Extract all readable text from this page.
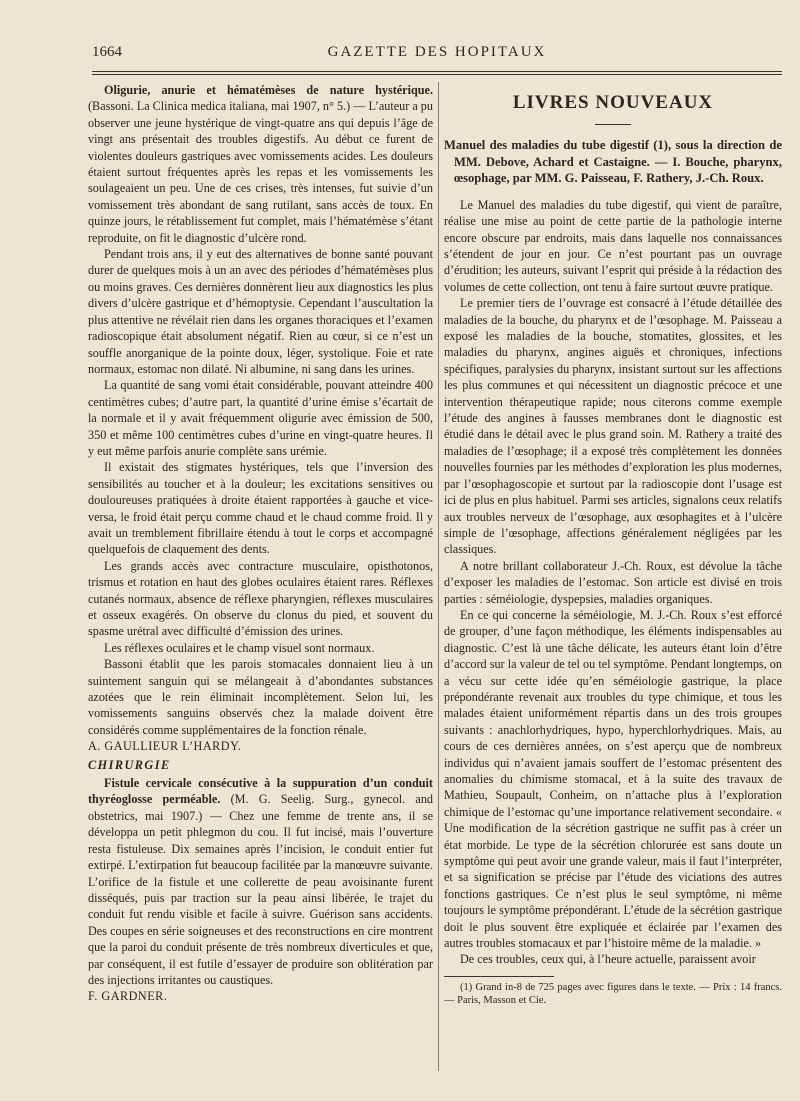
1664	GAZETTE DES HOPITAUX

Oligurie, anurie et hématémèses de nature hystérique. (Bassoni. La Clinica medica italiana, mai 1907, n° 5.) — L’auteur a pu observer une jeune hystérique de vingt-quatre ans qui depuis l’âge de vingt ans présentait des troubles digestifs. Au début ce furent de violentes douleurs gastriques avec vomissements acides. Les douleurs étaient surtout fréquentes après les repas et les vomissements les soulageaient un peu. Une de ces crises, très intenses, fut suivie d’un vomissement très abondant de sang rutilant, sans accès de toux. En quinze jours, le rétablissement fut complet, mais l’hématémèse s’étant reproduite, on fit le diagnostic d’ulcère rond.

Pendant trois ans, il y eut des alternatives de bonne santé pouvant durer de quelques mois à un an avec des périodes d’hématémèses plus ou moins graves. Ces dernières donnèrent lieu aux diagnostics les plus divers d’ulcère gastrique et d’hémoptysie. Cependant l’auscultation la plus attentive ne révélait rien dans les organes thoraciques et l’examen radioscopique était absolument négatif. Rien au cœur, si ce n’est un souffle anorganique de la pointe doux, léger, systolique. Foie et rate normaux, estomac non dilaté. Ni albumine, ni sang dans les urines.

La quantité de sang vomi était considérable, pouvant atteindre 400 centimètres cubes; d’autre part, la quantité d’urine émise s’écartait de la normale et il y avait fréquemment oligurie avec émission de 500, 350 et même 100 centimètres cubes d’urine en vingt-quatre heures. Il y eut même parfois anurie complète sans urémie.

Il existait des stigmates hystériques, tels que l’inversion des sensibilités au toucher et à la douleur; les excitations sensitives ou douloureuses pratiquées à droite étaient rapportées à gauche et vice-versa, le froid était perçu comme chaud et le chaud comme froid. Il y avait un tremblement fibrillaire étendu à tout le corps et accompagné quelquefois de claquement des dents.

Les grands accès avec contracture musculaire, opisthotonos, trismus et rotation en haut des globes oculaires étaient rares. Réflexes cutanés normaux, absence de réflexe pharyngien, réflexes musculaires et osseux exagérés. On observe du clonus du pied, et souvent du spasme urétral avec difficulté d’émission des urines.

Les réflexes oculaires et le champ visuel sont normaux.

Bassoni établit que les parois stomacales donnaient lieu à un suintement sanguin qui se mélangeait à d’abondantes substances azotées que le rein éliminait incomplètement. Selon lui, les vomissements sanguins observés chez la malade doivent être considérés comme supplémentaires de la fonction rénale.

A. GAULLIEUR L’HARDY.

CHIRURGIE

Fistule cervicale consécutive à la suppuration d’un conduit thyréoglosse perméable. (M. G. Seelig. Surg., gynecol. and obstetrics, mai 1907.) — Chez une femme de trente ans, il se développa un petit phlegmon du cou. Il fut incisé, mais l’ouverture resta fistuleuse. Dix semaines après l’incision, le conduit entier fut extirpé. L’extirpation fut beaucoup facilitée par la manœuvre suivante. L’orifice de la fistule et une collerette de peau avoisinante furent disséqués, puis par traction sur la peau ainsi libérée, le trajet du conduit fut rendu visible et facile à suivre. Guérison sans accidents. Des coupes en série soigneuses et des reconstructions en cire montrent que la paroi du conduit présente de très nombreux diverticules et que, par conséquent, il est futile d’essayer de produire son oblitération par des injections irritantes ou caustiques.

F. GARDNER.

LIVRES NOUVEAUX

Manuel des maladies du tube digestif (1), sous la direction de MM. Debove, Achard et Castaigne. — I. Bouche, pharynx, œsophage, par MM. G. Paisseau, F. Rathery, J.-Ch. Roux.

Le Manuel des maladies du tube digestif, qui vient de paraître, réalise une mise au point de cette partie de la pathologie interne encore obscure par endroits, mais dans laquelle nos connaissances s’étendent de jour en jour. Ce n’est pourtant pas un ouvrage d’érudition; les auteurs, suivant l’esprit qui préside à la rédaction des volumes de cette collection, ont tenu à faire surtout œuvre pratique.

Le premier tiers de l’ouvrage est consacré à l’étude détaillée des maladies de la bouche, du pharynx et de l’œsophage. M. Paisseau a exposé les maladies de la bouche, stomatites, glossites, et les maladies du pharynx, angines aiguës et chroniques, infections spécifiques, paralysies du pharynx, insistant surtout sur les affections les plus communes et qui nécessitent un diagnostic précoce et une intervention thérapeutique rapide; nous citerons comme exemple l’étude des angines à fausses membranes dont le diagnostic est étudié dans le détail avec le plus grand soin. M. Rathery a traité des maladies de l’œsophage; il a exposé très complètement les données nouvelles fournies par les méthodes d’exploration les plus modernes, par l’œsophagoscopie et surtout par la radioscopie dont l’usage est ici de plus en plus habituel. Parmi ses articles, signalons ceux relatifs aux troubles nerveux de l’œsophage, aux œsophagites et à l’ulcère simple de l’œsophage, affections généralement négligées par les classiques.

A notre brillant collaborateur J.-Ch. Roux, est dévolue la tâche d’exposer les maladies de l’estomac. Son article est divisé en trois parties : séméiologie, dyspepsies, maladies organiques.

En ce qui concerne la séméiologie, M. J.-Ch. Roux s’est efforcé de grouper, d’une façon méthodique, les éléments indispensables au diagnostic. C’est là une tâche délicate, les auteurs étant loin d’être d’accord sur la valeur de tel ou tel symptôme. Pendant longtemps, on a vécu sur cette idée qu’en séméiologie gastrique, la place prépondérante revenait aux troubles du type chimique, et tous les malades étaient uniformément répartis dans un des trois groupes suivants : anachlorhydriques, hypo, hyperchlorhydriques. Mais, au cours de ces dernières années, on s’est aperçu que de nombreux individus qui n’avaient jamais souffert de l’estomac présentent des anomalies du chimisme stomacal, et à la suite des travaux de Mathieu, Soupault, Conheim, on n’attache plus à l’exploration chimique de l’estomac qu’une importance relativement secondaire. « Une modification de la sécrétion gastrique ne suffit pas à créer un état morbide. Le type de la sécrétion chlorurée est sans doute un symptôme qui peut avoir une grande valeur, mais il faut l’interpréter, et sa signification se précise par l’étude des viciations des autres fonctions gastriques. Ce n’est plus le seul symptôme, ni même toujours le symptôme prépondérant. L’étude de la sécrétion gastrique doit le plus souvent être expliquée et éclairée par l’examen des autres troubles stomacaux et par l’histoire même de la maladie. »

De ces troubles, ceux qui, à l’heure actuelle, paraissent avoir

(1) Grand in-8 de 725 pages avec figures dans le texte. — Prix : 14 francs. — Paris, Masson et Cie.
